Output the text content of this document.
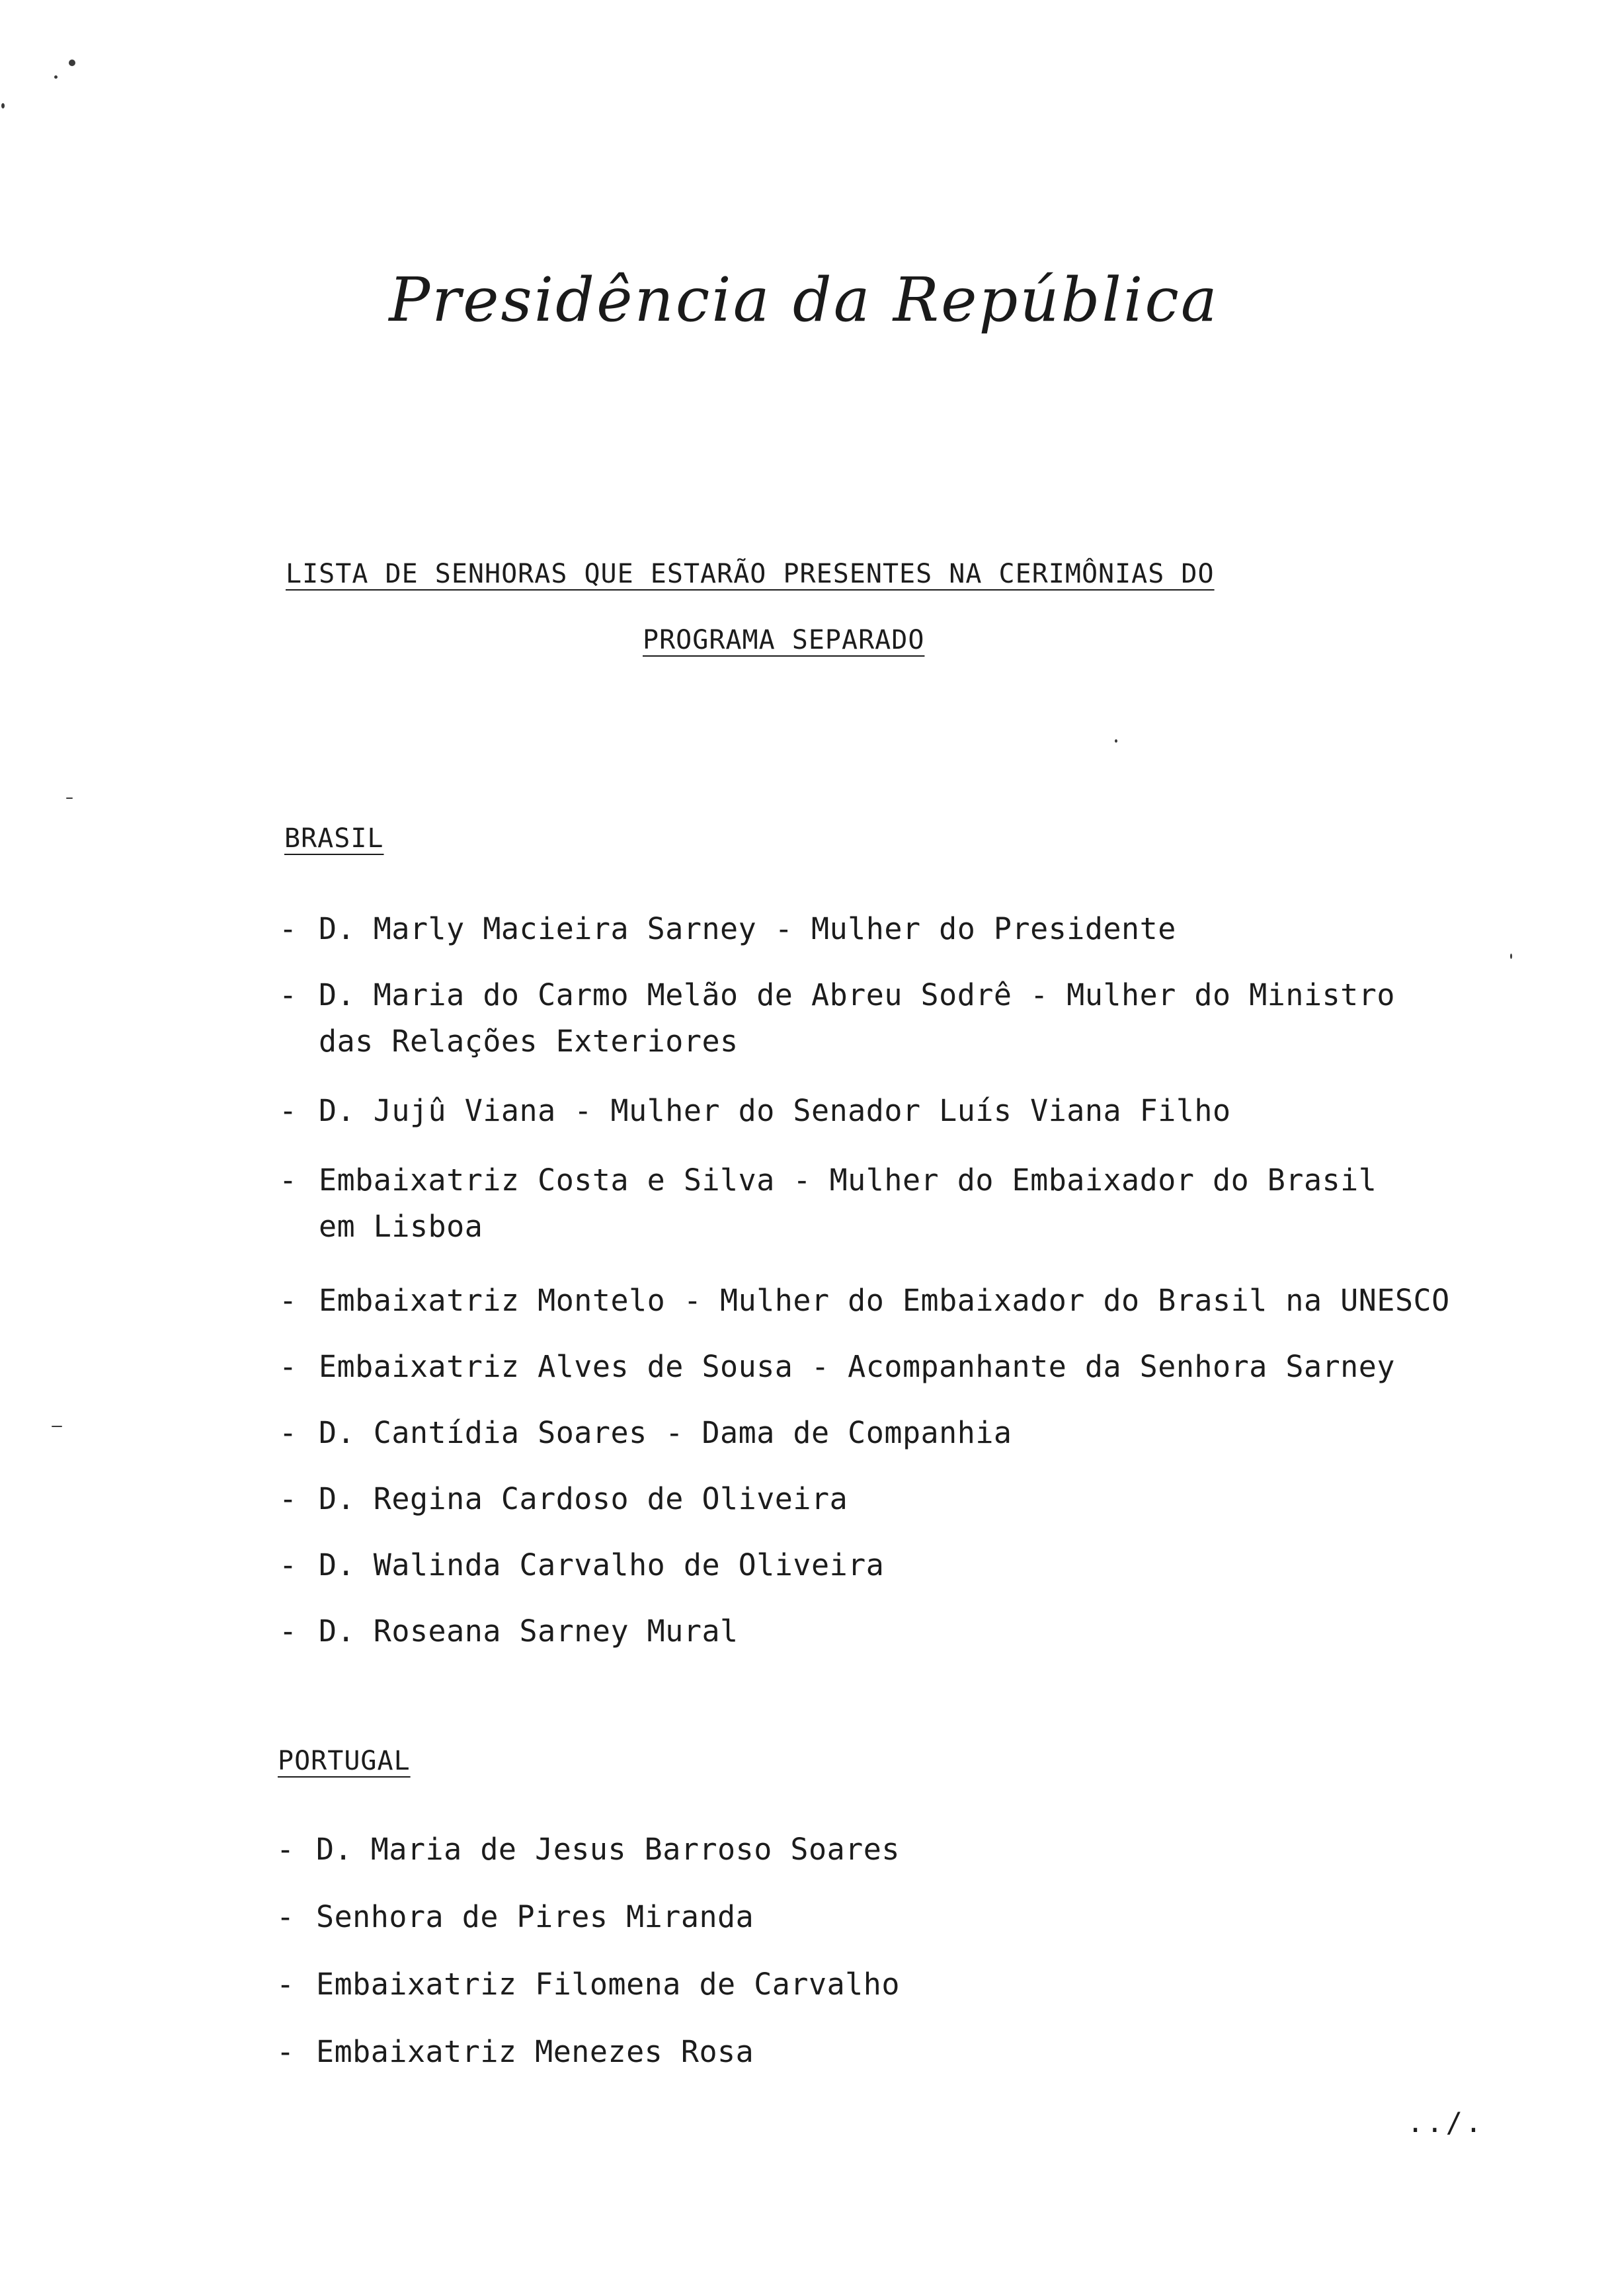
Presidência da República
LISTA DE SENHORAS QUE ESTARÃO PRESENTES NA CERIMÔNIAS DO
PROGRAMA SEPARADO
BRASIL
- D. Marly Macieira Sarney - Mulher do Presidente
- D. Maria do Carmo Melão de Abreu Sodrê - Mulher do Ministro
das Relações Exteriores
- D. Jujû Viana - Mulher do Senador Luís Viana Filho
- Embaixatriz Costa e Silva - Mulher do Embaixador do Brasil
em Lisboa
- Embaixatriz Montelo - Mulher do Embaixador do Brasil na UNESCO
- Embaixatriz Alves de Sousa - Acompanhante da Senhora Sarney
- D. Cantídia Soares - Dama de Companhia
- D. Regina Cardoso de Oliveira
- D. Walinda Carvalho de Oliveira
- D. Roseana Sarney Mural
PORTUGAL
- D. Maria de Jesus Barroso Soares
- Senhora de Pires Miranda
- Embaixatriz Filomena de Carvalho
- Embaixatriz Menezes Rosa
../.
